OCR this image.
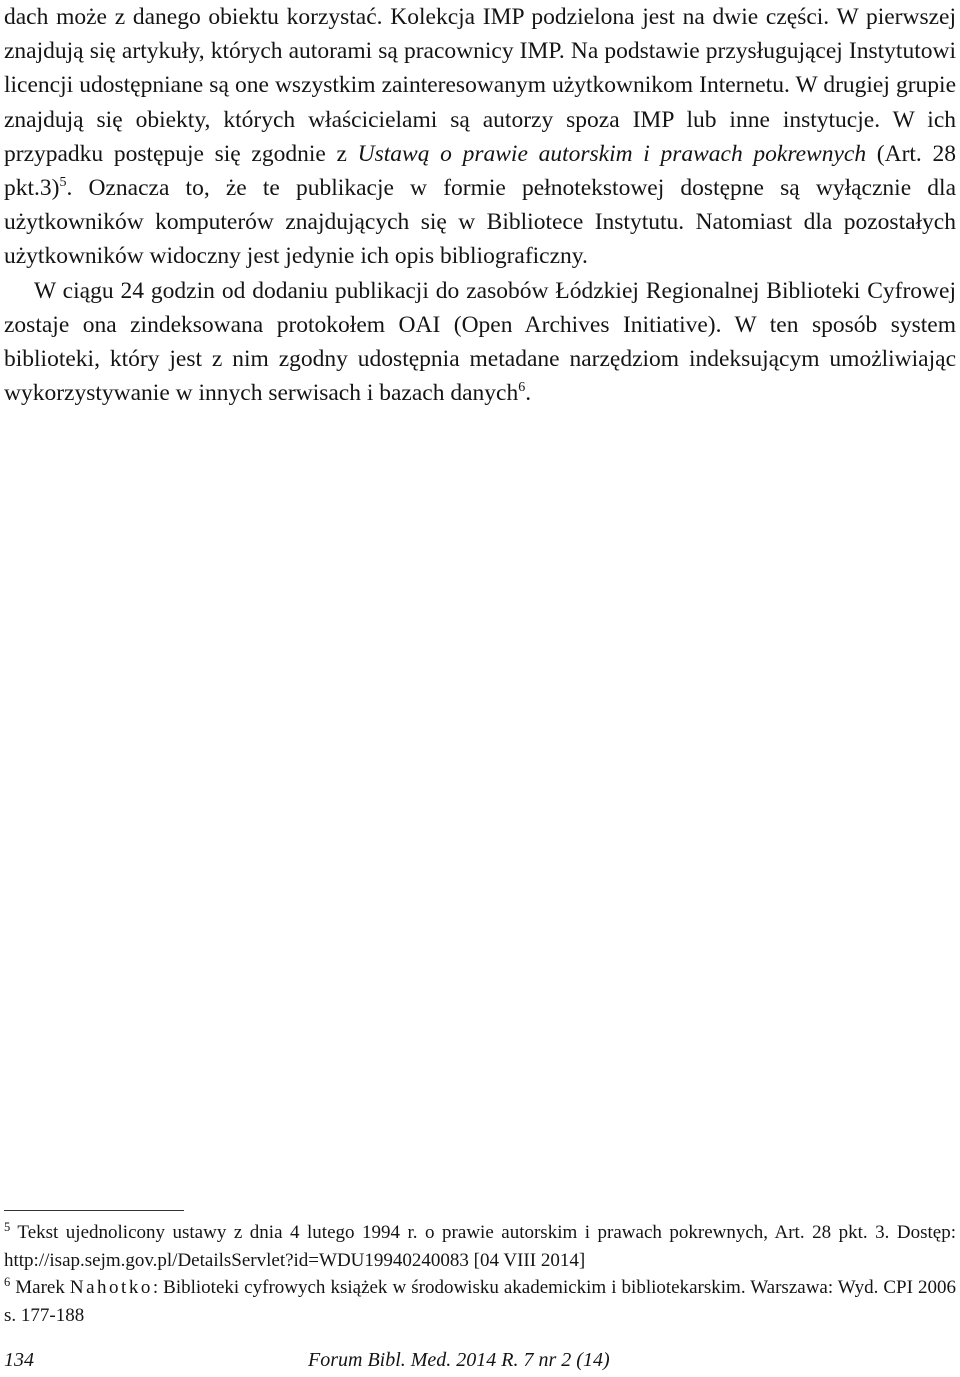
dach może z danego obiektu korzystać. Kolekcja IMP podzielona jest na dwie części. W pierwszej znajdują się artykuły, których autorami są pracownicy IMP. Na podstawie przysługującej Instytutowi licencji udostępniane są one wszystkim zainteresowanym użytkownikom Internetu. W drugiej grupie znajdują się obiekty, których właścicielami są autorzy spoza IMP lub inne instytucje. W ich przypadku postępuje się zgodnie z Ustawą o prawie autorskim i prawach pokrewnych (Art. 28 pkt.3)$^5$. Oznacza to, że te publikacje w formie pełnotekstowej dostępne są wyłącznie dla użytkowników komputerów znajdujących się w Bibliotece Instytutu. Natomiast dla pozostałych użytkowników widoczny jest jedynie ich opis bibliograficzny.

W ciągu 24 godzin od dodaniu publikacji do zasobów Łódzkiej Regionalnej Biblioteki Cyfrowej zostaje ona zindeksowana protokołem OAI (Open Archives Initiative). W ten sposób system biblioteki, który jest z nim zgodny udostępnia metadane narzędziom indeksującym umożliwiając wykorzystywanie w innych serwisach i bazach danych$^6$.

$^5$ Tekst ujednolicony ustawy z dnia 4 lutego 1994 r. o prawie autorskim i prawach pokrewnych, Art. 28 pkt. 3. Dostęp: http://isap.sejm.gov.pl/DetailsServlet?id=WDU19940240083 [04 VIII 2014]

$^6$ Marek Nahotko: Biblioteki cyfrowych książek w środowisku akademickim i bibliotekarskim. Warszawa: Wyd. CPI 2006 s. 177-188

134	Forum Bibl. Med. 2014 R. 7 nr 2 (14)
